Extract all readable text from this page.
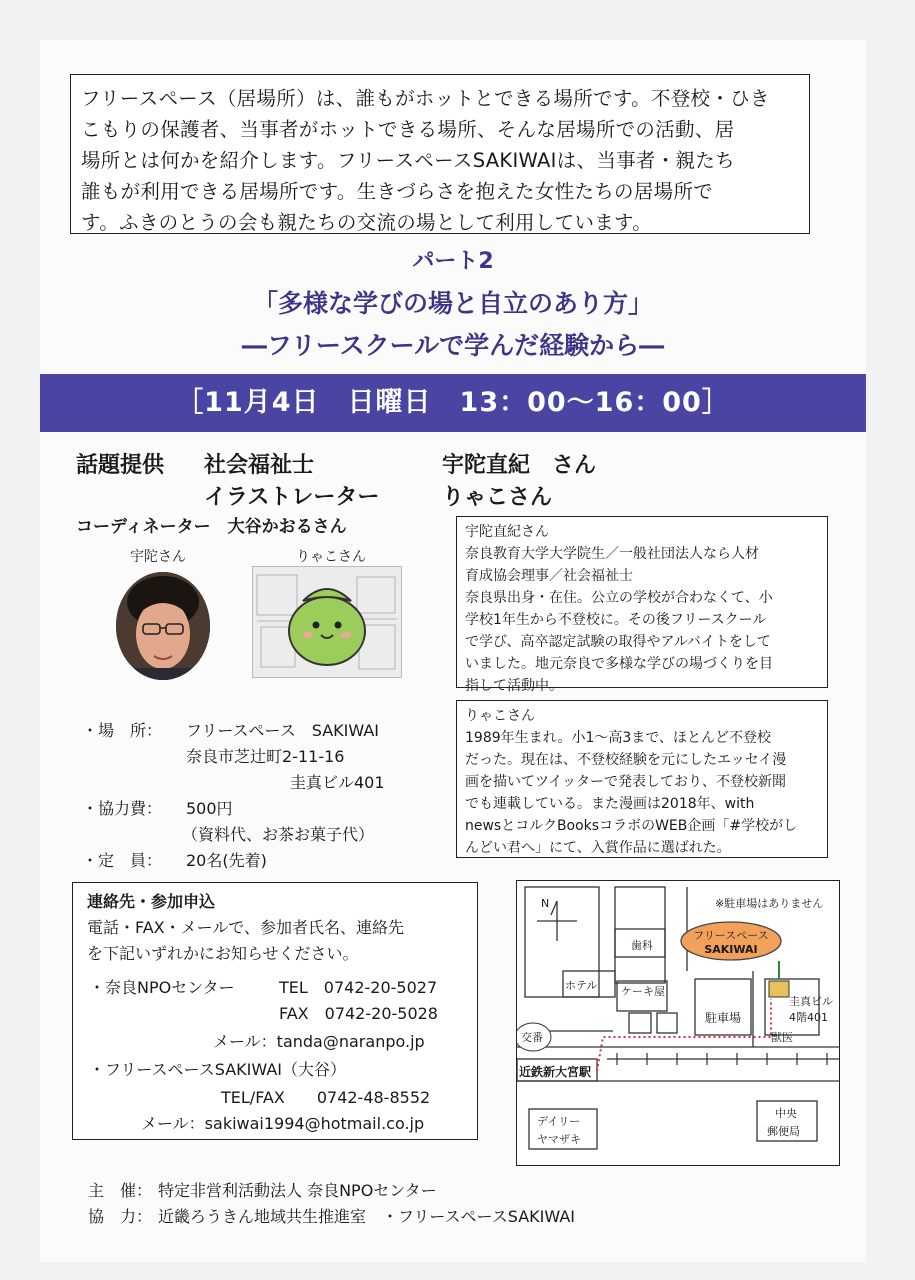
フリースペース（居場所）は、誰もがホットとできる場所です。不登校・ひき
こもりの保護者、当事者がホットできる場所、そんな居場所での活動、居
場所とは何かを紹介します。フリースペースSAKIWAIは、当事者・親たち
誰もが利用できる居場所です。生きづらさを抱えた女性たちの居場所で
す。ふきのとうの会も親たちの交流の場として利用しています。
パート2
「多様な学びの場と自立のあり方」
―フリースクールで学んだ経験から―
［11月4日　日曜日　13：00～16：00］
話題提供 社会福祉士	宇陀直紀　さん
イラストレーター	りゃこさん
コーディネーター　大谷かおるさん
宇陀さん	りゃこさん
宇陀直紀さん
奈良教育大学大学院生／一般社団法人なら人材
育成協会理事／社会福祉士
奈良県出身・在住。公立の学校が合わなくて、小
学校1年生から不登校に。その後フリースクール
で学び、高卒認定試験の取得やアルバイトをして
いました。地元奈良で多様な学びの場づくりを目
指して活動中。
りゃこさん
1989年生まれ。小1～高3まで、ほとんど不登校
だった。現在は、不登校経験を元にしたエッセイ漫
画を描いてツイッターで発表しており、不登校新聞
でも連載している。また漫画は2018年、with
newsとコルクBooksコラボのWEB企画「#学校がし
んどい君へ」にて、入賞作品に選ばれた。
・場　所： フリースペース　SAKIWAI
奈良市芝辻町2-11-16
圭真ビル401
・協力費： 500円
（資料代、お茶お菓子代）
・定　員： 20名(先着)
連絡先・参加申込
電話・FAX・メールで、参加者氏名、連絡先
を下記いずれかにお知らせください。
・奈良NPOセンター	TEL　0742-20-5027
FAX　0742-20-5028
メール：tanda@naranpo.jp
・フリースペースSAKIWAI（大谷）
TEL/FAX　　0742-48-8552
メール：sakiwai1994@hotmail.co.jp
※駐車場はありません
フリースペース
SAKIWAI
N
歯科
ホテル ケーキ屋
駐車場
圭真ビル
4階401
獣医
交番
近鉄新大宮駅
デイリー
ヤマザキ
中央
郵便局
主　催： 特定非営利活動法人 奈良NPOセンター
協　力： 近畿ろうきん地域共生推進室　・フリースペースSAKIWAI
